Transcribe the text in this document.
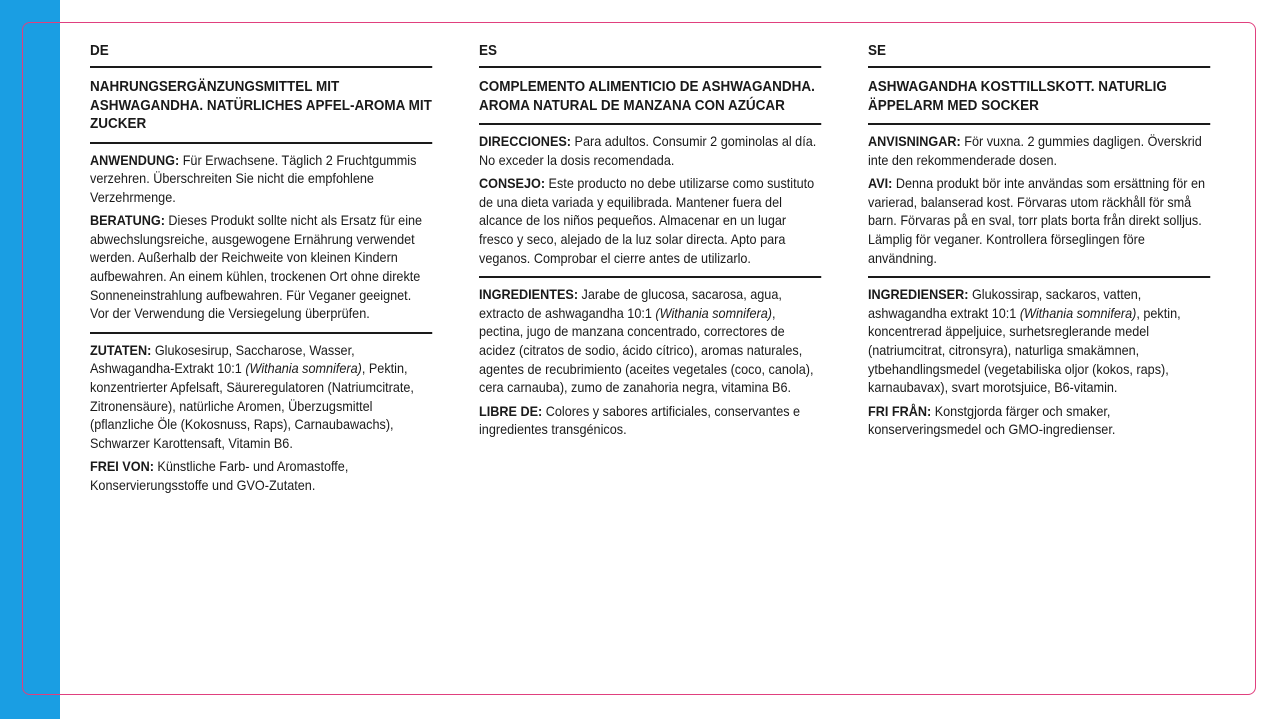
DE
NAHRUNGSERGÄNZUNGSMITTEL MIT ASHWAGANDHA. NATÜRLICHES APFEL-AROMA MIT ZUCKER
ANWENDUNG: Für Erwachsene. Täglich 2 Fruchtgummis verzehren. Überschreiten Sie nicht die empfohlene Verzehrmenge.
BERATUNG: Dieses Produkt sollte nicht als Ersatz für eine abwechslungsreiche, ausgewogene Ernährung verwendet werden. Außerhalb der Reichweite von kleinen Kindern aufbewahren. An einem kühlen, trockenen Ort ohne direkte Sonneneinstrahlung aufbewahren. Für Veganer geeignet. Vor der Verwendung die Versiegelung überprüfen.
ZUTATEN: Glukosesirup, Saccharose, Wasser, Ashwagandha-Extrakt 10:1 (Withania somnifera), Pektin, konzentrierter Apfelsaft, Säureregulatoren (Natriumcitrate, Zitronensäure), natürliche Aromen, Überzugsmittel (pflanzliche Öle (Kokosnuss, Raps), Carnaubawachs), Schwarzer Karottensaft, Vitamin B6.
FREI VON: Künstliche Farb- und Aromastoffe, Konservierungsstoffe und GVO-Zutaten.
ES
COMPLEMENTO ALIMENTICIO DE ASHWAGANDHA. AROMA NATURAL DE MANZANA CON AZÚCAR
DIRECCIONES: Para adultos. Consumir 2 gominolas al día. No exceder la dosis recomendada.
CONSEJO: Este producto no debe utilizarse como sustituto de una dieta variada y equilibrada. Mantener fuera del alcance de los niños pequeños. Almacenar en un lugar fresco y seco, alejado de la luz solar directa. Apto para veganos. Comprobar el cierre antes de utilizarlo.
INGREDIENTES: Jarabe de glucosa, sacarosa, agua, extracto de ashwagandha 10:1 (Withania somnifera), pectina, jugo de manzana concentrado, correctores de acidez (citratos de sodio, ácido cítrico), aromas naturales, agentes de recubrimiento (aceites vegetales (coco, canola), cera carnauba), zumo de zanahoria negra, vitamina B6.
LIBRE DE: Colores y sabores artificiales, conservantes e ingredientes transgénicos.
SE
ASHWAGANDHA KOSTTILLSKOTT. NATURLIG ÄPPELARM MED SOCKER
ANVISNINGAR: För vuxna. 2 gummies dagligen. Överskrid inte den rekommenderade dosen.
AVI: Denna produkt bör inte användas som ersättning för en varierad, balanserad kost. Förvaras utom räckhåll för små barn. Förvaras på en sval, torr plats borta från direkt solljus. Lämplig för veganer. Kontrollera förseglingen före användning.
INGREDIENSER: Glukossirap, sackaros, vatten, ashwagandha extrakt 10:1 (Withania somnifera), pektin, koncentrerad äppeljuice, surhetsreglerande medel (natriumcitrat, citronsyra), naturliga smakämnen, ytbehandlingsmedel (vegetabiliska oljor (kokos, raps), karnaubavax), svart morotsjuice, B6-vitamin.
FRI FRÅN: Konstgjorda färger och smaker, konserveringsmedel och GMO-ingredienser.
